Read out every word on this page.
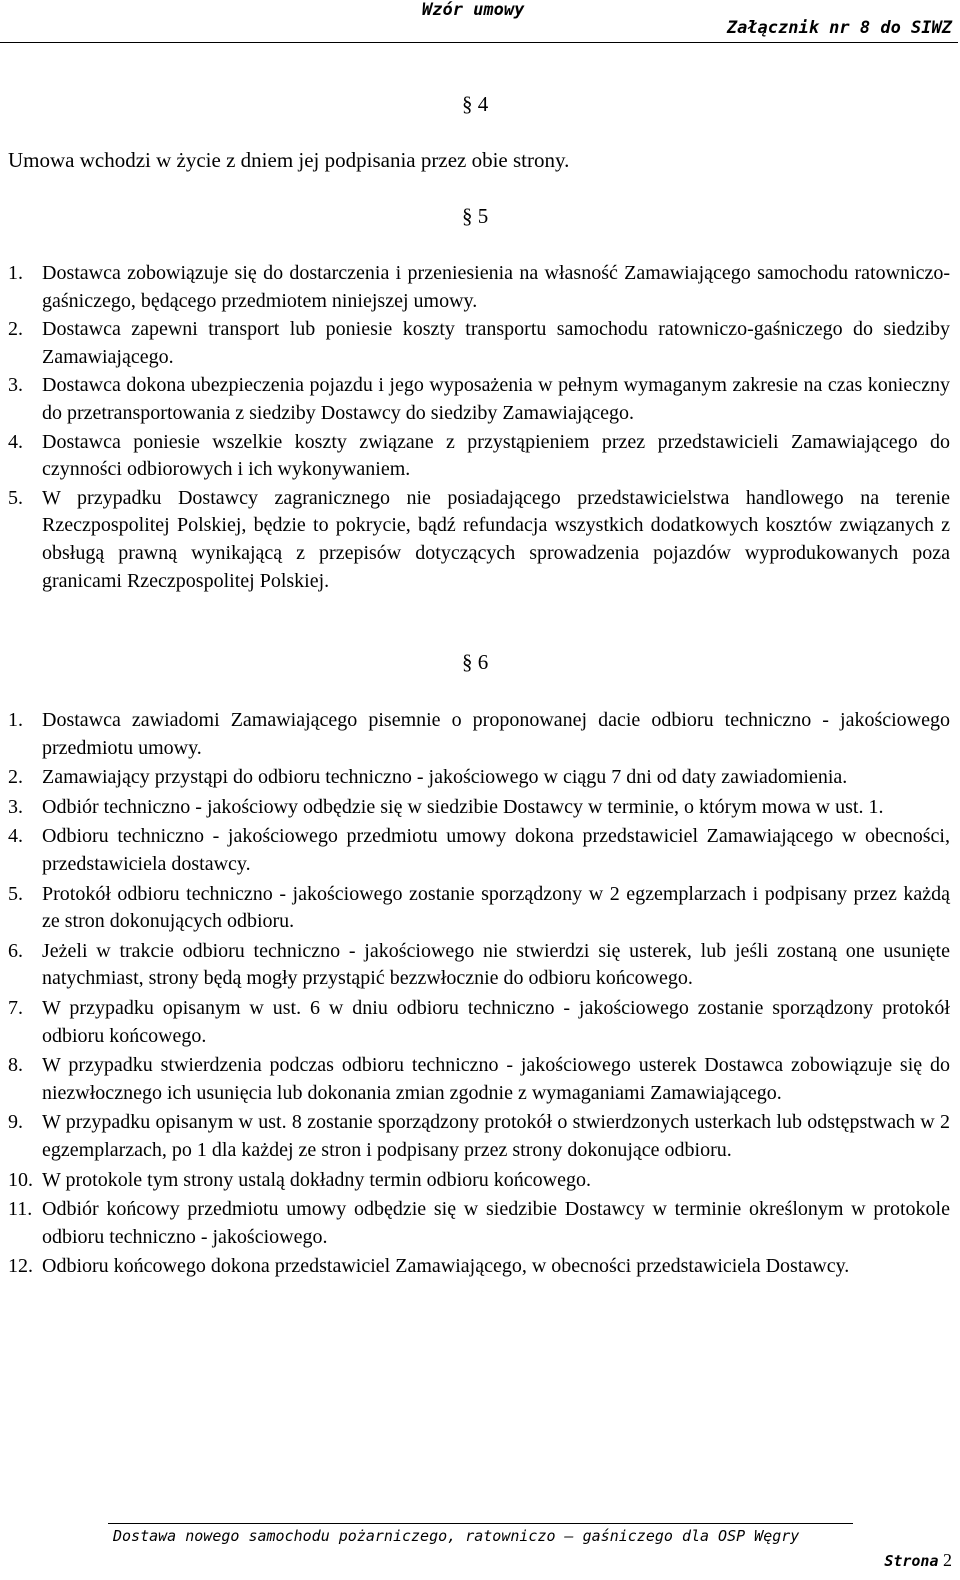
Wzór umowy
Załącznik nr 8 do SIWZ
§ 4
Umowa wchodzi w życie z dniem jej podpisania przez obie strony.
§ 5
1. Dostawca zobowiązuje się do dostarczenia i przeniesienia na własność Zamawiającego samochodu ratowniczo-gaśniczego, będącego przedmiotem niniejszej umowy.
2. Dostawca zapewni transport lub poniesie koszty transportu samochodu ratowniczo-gaśniczego do siedziby Zamawiającego.
3. Dostawca dokona ubezpieczenia pojazdu i jego wyposażenia w pełnym wymaganym zakresie na czas konieczny do przetransportowania z siedziby Dostawcy do siedziby Zamawiającego.
4. Dostawca poniesie wszelkie koszty związane z przystąpieniem przez przedstawicieli Zamawiającego do czynności odbiorowych i ich wykonywaniem.
5. W przypadku Dostawcy zagranicznego nie posiadającego przedstawicielstwa handlowego na terenie Rzeczpospolitej Polskiej, będzie to pokrycie, bądź refundacja wszystkich dodatkowych kosztów związanych z obsługą prawną wynikającą z przepisów dotyczących sprowadzenia pojazdów wyprodukowanych poza granicami Rzeczpospolitej Polskiej.
§ 6
1. Dostawca zawiadomi Zamawiającego pisemnie o proponowanej dacie odbioru techniczno - jakościowego przedmiotu umowy.
2. Zamawiający przystąpi do odbioru techniczno - jakościowego w ciągu 7 dni od daty zawiadomienia.
3. Odbiór techniczno - jakościowy odbędzie się w siedzibie Dostawcy w terminie, o którym mowa w ust. 1.
4. Odbioru techniczno - jakościowego przedmiotu umowy dokona przedstawiciel Zamawiającego w obecności, przedstawiciela dostawcy.
5. Protokół odbioru techniczno - jakościowego zostanie sporządzony w 2 egzemplarzach i podpisany przez każdą ze stron dokonujących odbioru.
6. Jeżeli w trakcie odbioru techniczno - jakościowego nie stwierdzi się usterek, lub jeśli zostaną one usunięte natychmiast, strony będą mogły przystąpić bezzwłocznie do odbioru końcowego.
7. W przypadku opisanym w ust. 6 w dniu odbioru techniczno - jakościowego zostanie sporządzony protokół odbioru końcowego.
8. W przypadku stwierdzenia podczas odbioru techniczno - jakościowego usterek Dostawca zobowiązuje się do niezwłocznego ich usunięcia lub dokonania zmian zgodnie z wymaganiami Zamawiającego.
9. W przypadku opisanym w ust. 8 zostanie sporządzony protokół o stwierdzonych usterkach lub odstępstwach w 2 egzemplarzach, po 1 dla każdej ze stron i podpisany przez strony dokonujące odbioru.
10. W protokole tym strony ustalą dokładny termin odbioru końcowego.
11. Odbiór końcowy przedmiotu umowy odbędzie się w siedzibie Dostawcy w terminie określonym w protokole odbioru techniczno - jakościowego.
12. Odbioru końcowego dokona przedstawiciel Zamawiającego, w obecności przedstawiciela Dostawcy.
Dostawa nowego samochodu pożarniczego, ratowniczo – gaśniczego dla OSP Węgry
Strona 2
